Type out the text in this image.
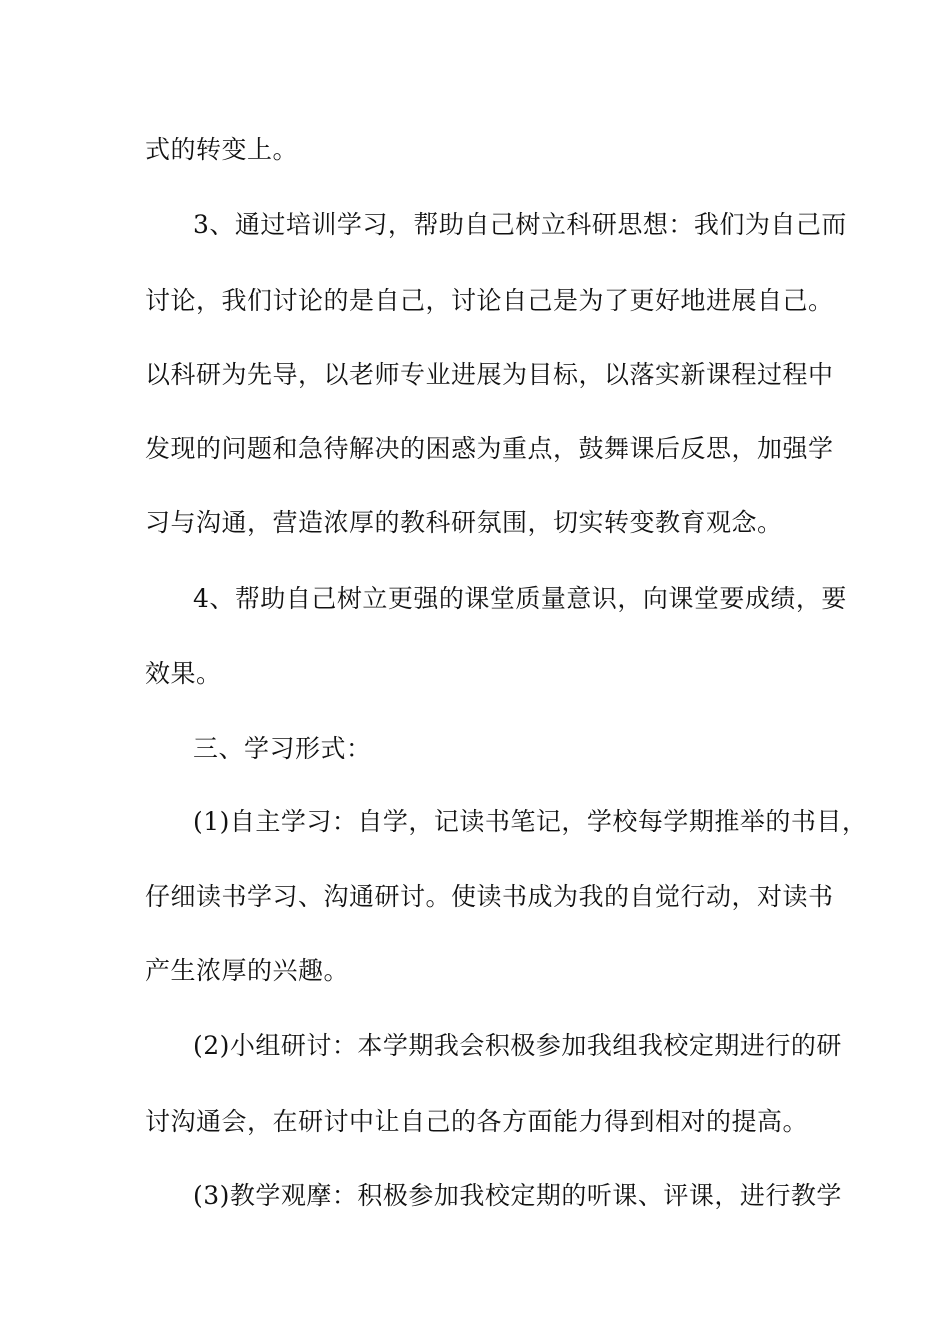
式的转变上。
3、通过培训学习，帮助自己树立科研思想：我们为自己而
讨论，我们讨论的是自己，讨论自己是为了更好地进展自己。
以科研为先导，以老师专业进展为目标，以落实新课程过程中
发现的问题和急待解决的困惑为重点，鼓舞课后反思，加强学
习与沟通，营造浓厚的教科研氛围，切实转变教育观念。
4、帮助自己树立更强的课堂质量意识，向课堂要成绩，要
效果。
三、学习形式：
(1)自主学习：自学，记读书笔记，学校每学期推举的书目，
仔细读书学习、沟通研讨。使读书成为我的自觉行动，对读书
产生浓厚的兴趣。
(2)小组研讨：本学期我会积极参加我组我校定期进行的研
讨沟通会，在研讨中让自己的各方面能力得到相对的提高。
(3)教学观摩：积极参加我校定期的听课、评课，进行教学
